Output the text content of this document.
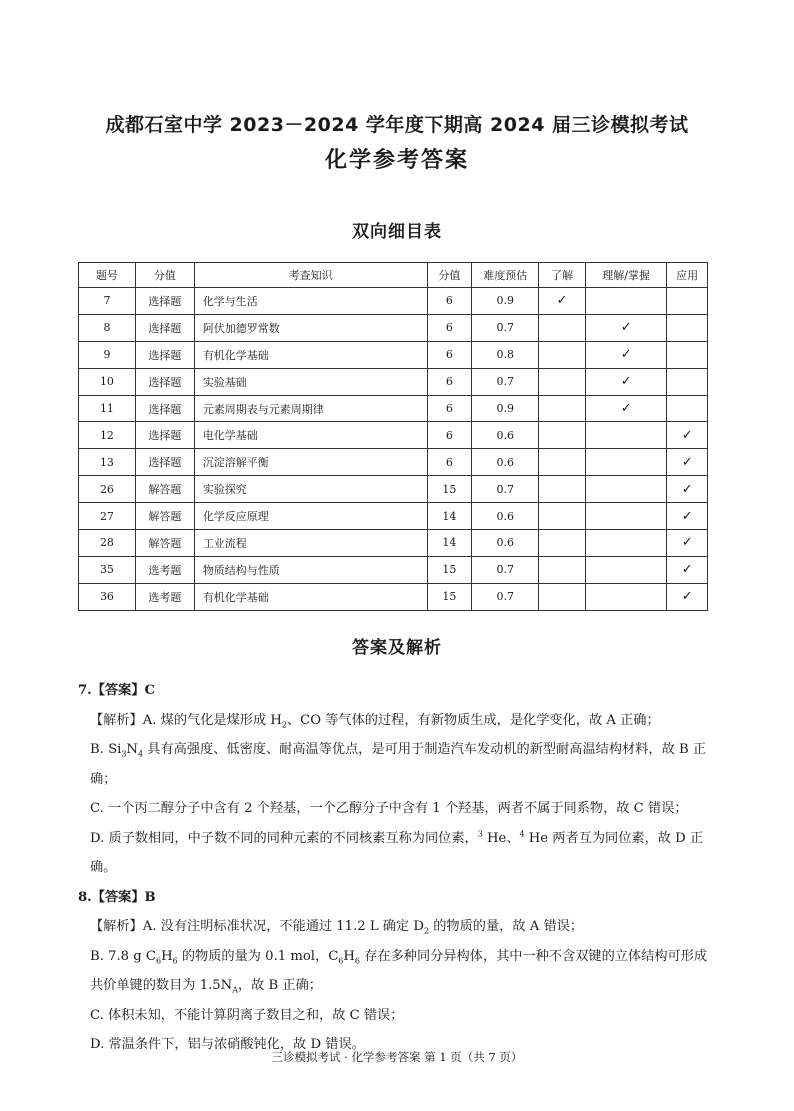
成都石室中学 2023－2024 学年度下期高 2024 届三诊模拟考试
化学参考答案
双向细目表
题号	分值	考查知识	分值	难度预估	了解	理解/掌握	应用
7	选择题	化学与生活	6	0.9	✓		
8	选择题	阿伏加德罗常数	6	0.7		✓	
9	选择题	有机化学基础	6	0.8		✓	
10	选择题	实验基础	6	0.7		✓	
11	选择题	元素周期表与元素周期律	6	0.9		✓	
12	选择题	电化学基础	6	0.6			✓
13	选择题	沉淀溶解平衡	6	0.6			✓
26	解答题	实验探究	15	0.7			✓
27	解答题	化学反应原理	14	0.6			✓
28	解答题	工业流程	14	0.6			✓
35	选考题	物质结构与性质	15	0.7			✓
36	选考题	有机化学基础	15	0.7			✓
答案及解析

7.【答案】C

【解析】A. 煤的气化是煤形成 $H_2$、CO 等气体的过程，有新物质生成，是化学变化，故 A 正确；

B. $Si_3N_4$ 具有高强度、低密度、耐高温等优点，是可用于制造汽车发动机的新型耐高温结构材料，故 B 正确；

C. 一个丙二醇分子中含有 2 个羟基，一个乙醇分子中含有 1 个羟基，两者不属于同系物，故 C 错误；

D. 质子数相同，中子数不同的同种元素的不同核素互称为同位素，$^3$ He、$^4$ He 两者互为同位素，故 D 正确。

8.【答案】B

【解析】A. 没有注明标准状况，不能通过 11.2 L 确定 $D_2$ 的物质的量，故 A 错误；

B. 7.8 g $C_6H_6$ 的物质的量为 0.1 mol，$C_6H_6$ 存在多种同分异构体，其中一种不含双键的立体结构可形成共价单键的数目为 $1.5N_A$，故 B 正确；

C. 体积未知，不能计算阴离子数目之和，故 C 错误；

D. 常温条件下，铝与浓硝酸钝化，故 D 错误。

三诊模拟考试 · 化学参考答案 第 1 页（共 7 页）
